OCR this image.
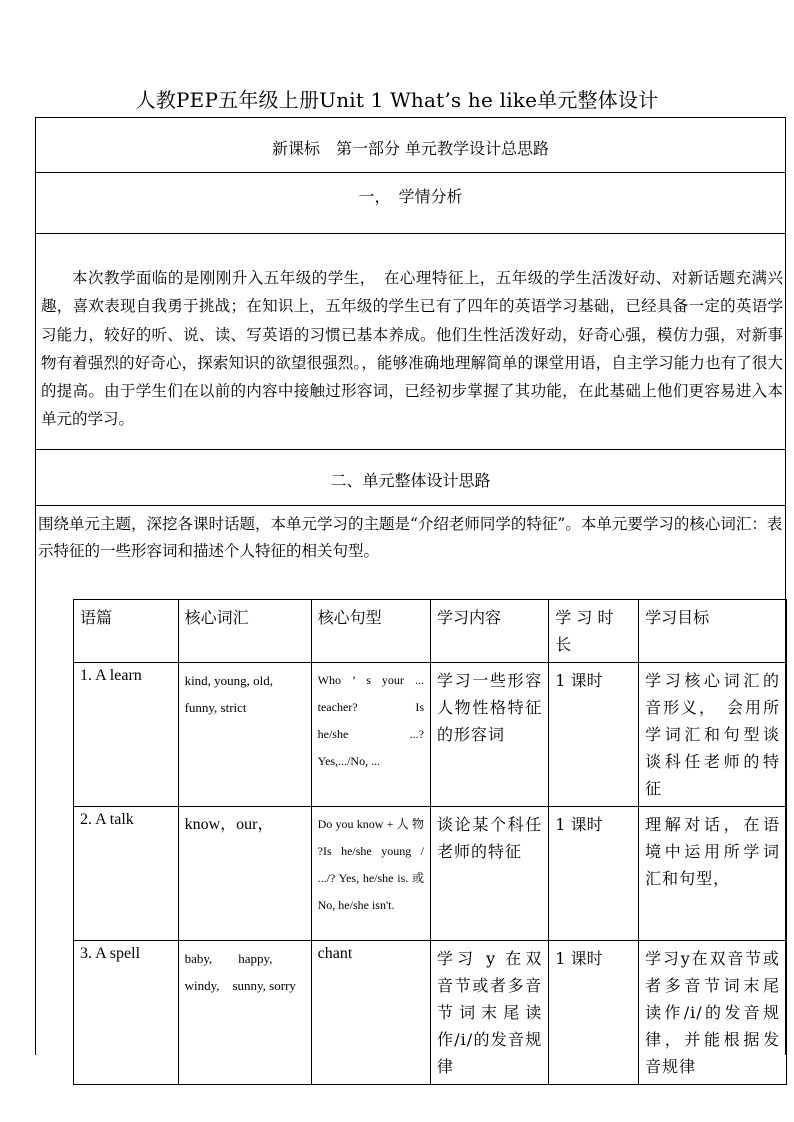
人教PEP五年级上册Unit 1 What’s he like单元整体设计
新课标　第一部分 单元教学设计总思路
一，　学情分析

本次教学面临的是刚刚升入五年级的学生，　在心理特征上，五年级的学生活泼好动、对新话题充满兴趣，喜欢表现自我勇于挑战；在知识上，五年级的学生已有了四年的英语学习基础，已经具备一定的英语学习能力，较好的听、说、读、写英语的习惯已基本养成。他们生性活泼好动，好奇心强，模仿力强，对新事物有着强烈的好奇心，探索知识的欲望很强烈。，能够准确地理解简单的课堂用语，自主学习能力也有了很大的提高。由于学生们在以前的内容中接触过形容词，已经初步掌握了其功能，在此基础上他们更容易进入本单元的学习。

二、单元整体设计思路
围绕单元主题，深挖各课时话题，本单元学习的主题是“介绍老师同学的特征”。本单元要学习的核心词汇：表示特征的一些形容词和描述个人特征的相关句型。
语篇	核心词汇	核心句型	学习内容	学 习 时 长	学习目标
1. A learn	kind, young, old, funny, strict	Who ’ s your ... teacher?　 Is he/she　　...? Yes,.../No, ...	学习一些形容人物性格特征的形容词	1 课时	学习核心词汇的音形义，　会用所学词汇和句型谈谈科任老师的特征
2. A talk	know，our，	Do you know + 人 物 ?Is he/she young / .../? Yes, he/she is. 或 No, he/she isn't.	谈论某个科任老师的特征	1 课时	理解对话，在语境中运用所学词汇和句型，
3. A spell	baby,　　happy, windy,　sunny, sorry	chant	学习 y 在双音节或者多音节词末尾读作/i/的发音规律	1 课时	学习y在双音节或者多音节词末尾读作/i/的发音规律，并能根据发音规律
